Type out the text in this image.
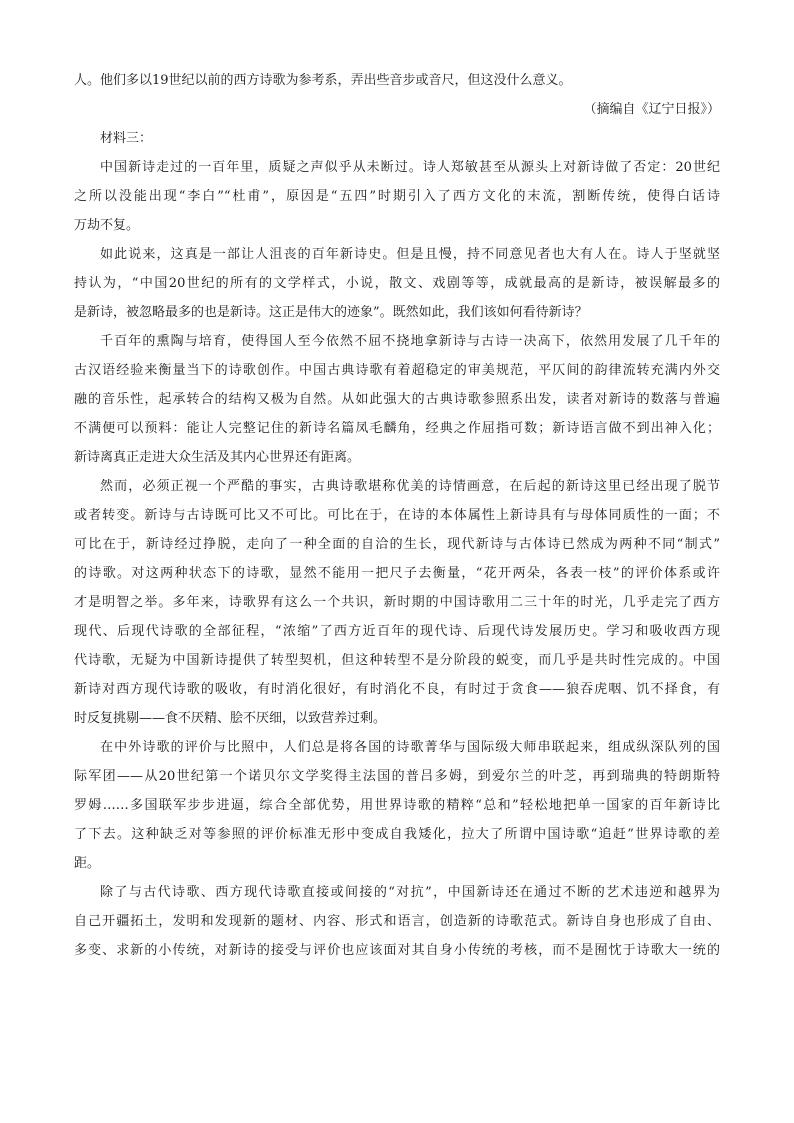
人。他们多以19世纪以前的西方诗歌为参考系，弄出些音步或音尺，但这没什么意义。

（摘编自《辽宁日报》）

材料三：

中国新诗走过的一百年里，质疑之声似乎从未断过。诗人郑敏甚至从源头上对新诗做了否定：20世纪

之所以没能出现“李白”“杜甫”，原因是“五四”时期引入了西方文化的末流，割断传统，使得白话诗

万劫不复。

如此说来，这真是一部让人沮丧的百年新诗史。但是且慢，持不同意见者也大有人在。诗人于坚就坚

持认为，“中国20世纪的所有的文学样式，小说，散文、戏剧等等，成就最高的是新诗，被误解最多的

是新诗，被忽略最多的也是新诗。这正是伟大的迹象”。既然如此，我们该如何看待新诗？

千百年的熏陶与培育，使得国人至今依然不屈不挠地拿新诗与古诗一决高下，依然用发展了几千年的

古汉语经验来衡量当下的诗歌创作。中国古典诗歌有着超稳定的审美规范，平仄间的韵律流转充满内外交

融的音乐性，起承转合的结构又极为自然。从如此强大的古典诗歌参照系出发，读者对新诗的数落与普遍

不满便可以预料：能让人完整记住的新诗名篇凤毛麟角，经典之作屈指可数；新诗语言做不到出神入化；

新诗离真正走进大众生活及其内心世界还有距离。

然而，必须正视一个严酷的事实，古典诗歌堪称优美的诗情画意，在后起的新诗这里已经出现了脱节

或者转变。新诗与古诗既可比又不可比。可比在于，在诗的本体属性上新诗具有与母体同质性的一面；不

可比在于，新诗经过挣脱，走向了一种全面的自洽的生长，现代新诗与古体诗已然成为两种不同“制式”

的诗歌。对这两种状态下的诗歌，显然不能用一把尺子去衡量，“花开两朵，各表一枝”的评价体系或许

才是明智之举。多年来，诗歌界有这么一个共识，新时期的中国诗歌用二三十年的时光，几乎走完了西方

现代、后现代诗歌的全部征程，“浓缩”了西方近百年的现代诗、后现代诗发展历史。学习和吸收西方现

代诗歌，无疑为中国新诗提供了转型契机，但这种转型不是分阶段的蜕变，而几乎是共时性完成的。中国

新诗对西方现代诗歌的吸收，有时消化很好，有时消化不良，有时过于贪食——狼吞虎咽、饥不择食，有

时反复挑剔——食不厌精、脍不厌细，以致营养过剩。

在中外诗歌的评价与比照中，人们总是将各国的诗歌菁华与国际级大师串联起来，组成纵深队列的国

际军团——从20世纪第一个诺贝尔文学奖得主法国的普吕多姆，到爱尔兰的叶芝，再到瑞典的特朗斯特

罗姆……多国联军步步进逼，综合全部优势，用世界诗歌的精粹“总和”轻松地把单一国家的百年新诗比

了下去。这种缺乏对等参照的评价标准无形中变成自我矮化，拉大了所谓中国诗歌“追赶”世界诗歌的差

距。

除了与古代诗歌、西方现代诗歌直接或间接的“对抗”，中国新诗还在通过不断的艺术违逆和越界为

自己开疆拓土，发明和发现新的题材、内容、形式和语言，创造新的诗歌范式。新诗自身也形成了自由、

多变、求新的小传统，对新诗的接受与评价也应该面对其自身小传统的考核，而不是囿忱于诗歌大一统的
